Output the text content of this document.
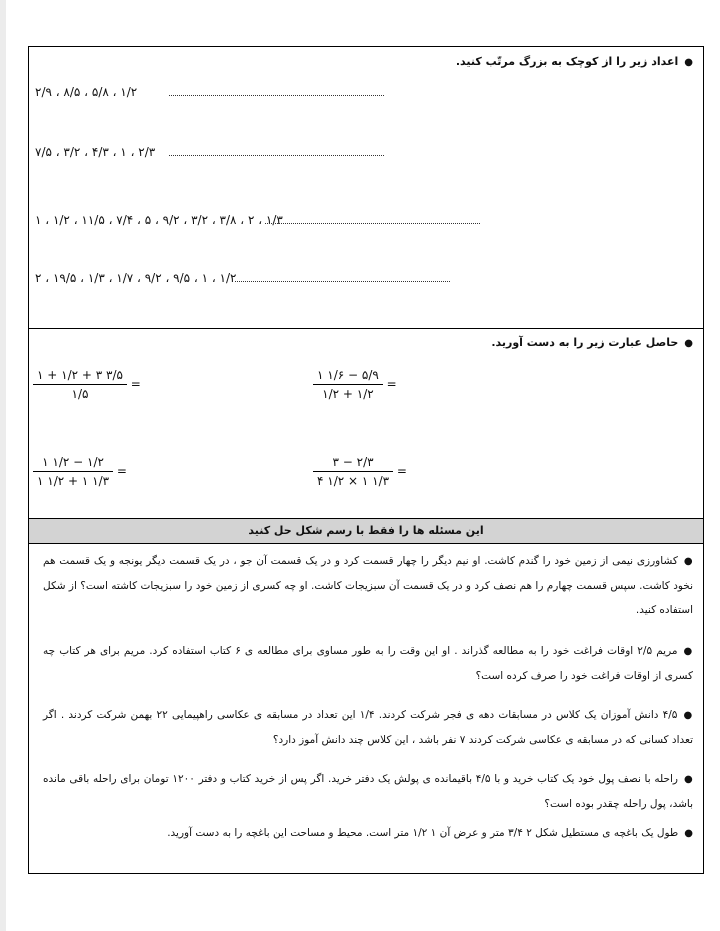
●اعداد زیر را از کوچک به بزرگ مرتّب کنید.
۲/۹ ، ۸/۵ ، ۵/۸ ، ۱/۲
۷/۵ ، ۳/۲ ، ۴/۳ ، ۱ ، ۲/۳
۱ ، ۱/۲ ، ۱۱/۵ ، ۷/۴ ، ۵ ، ۹/۲ ، ۳/۲ ، ۳/۸ ، ۲ ، ۱/۳
۲ ، ۱۹/۵ ، ۱/۳ ، ۱/۷ ، ۹/۲ ، ۹/۵ ، ۱ ، ۱/۲
●حاصل عبارت زیر را به دست آورید.
۱ + ۱/۲ + ۳ ۳/۵
۱/۵ =
۱ ۱/۶ − ۵/۹
۱/۲ + ۱/۲ =
۱ ۱/۲ − ۱/۲
۱ ۱/۲ + ۱ ۱/۳ =
۳ − ۲/۳
۴ ۱/۲ × ۱ ۱/۳ =
این مسئله ها را فقط با رسم شکل حل کنید
●کشاورزی نیمی از زمین خود را گندم کاشت. او نیم دیگر را چهار قسمت کرد و در یک قسمت آن جو ، در یک قسمت دیگر یونجه و یک قسمت هم نخود کاشت. سپس قسمت چهارم را هم نصف کرد و در یک قسمت آن سبزیجات کاشت. او چه کسری از زمین خود را سبزیجات کاشته است؟ از شکل استفاده کنید.
●مریم ۲/۵ اوقات فراغت خود را به مطالعه گذراند . او این وقت را به طور مساوی برای مطالعه ی ۶ کتاب استفاده کرد. مریم برای هر کتاب چه کسری از اوقات فراغت خود را صرف کرده است؟
●۴/۵ دانش آموزان یک کلاس در مسابقات دهه ی فجر شرکت کردند. ۱/۴ این تعداد در مسابقه ی عکاسی راهپیمایی ۲۲ بهمن شرکت کردند . اگر تعداد کسانی که در مسابقه ی عکاسی شرکت کردند ۷ نفر باشد ، این کلاس چند دانش آموز دارد؟
●راحله با نصف پول خود یک کتاب خرید و با ۴/۵ باقیمانده ی پولش یک دفتر خرید. اگر پس از خرید کتاب و دفتر ۱۲۰۰ تومان برای راحله باقی مانده باشد، پول راحله چقدر بوده است؟
●طول یک باغچه ی مستطیل شکل ۲ ۳/۴ متر و عرض آن ۱ ۱/۲ متر است. محیط و مساحت این باغچه را به دست آورید.
